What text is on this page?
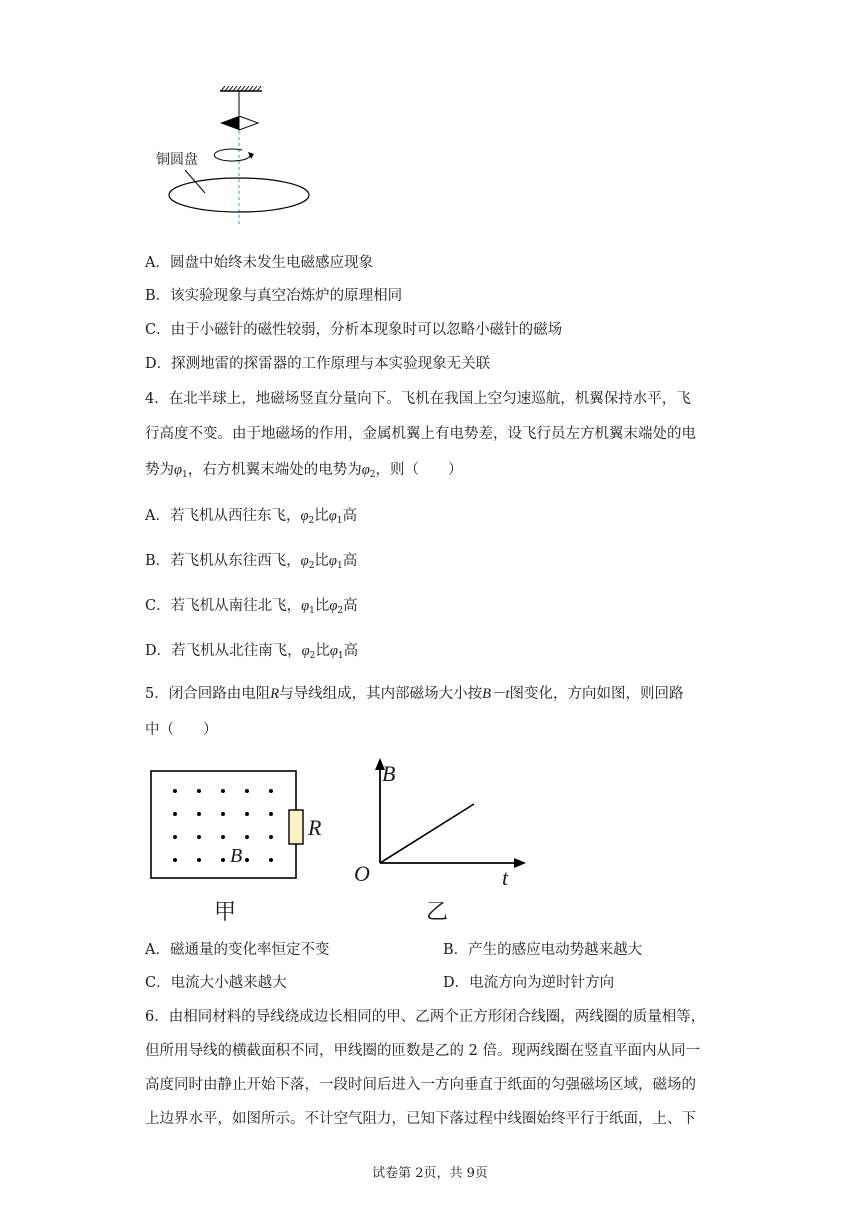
铜圆盘
A．圆盘中始终未发生电磁感应现象
B．该实验现象与真空冶炼炉的原理相同
C．由于小磁针的磁性较弱，分析本现象时可以忽略小磁针的磁场
D．探测地雷的探雷器的工作原理与本实验现象无关联
4．在北半球上，地磁场竖直分量向下。飞机在我国上空匀速巡航，机翼保持水平，飞
行高度不变。由于地磁场的作用，金属机翼上有电势差，设飞行员左方机翼末端处的电
势为$\varphi_1$，右方机翼末端处的电势为$\varphi_2$，则（　　）
A．若飞机从西往东飞，$\varphi_2$比$\varphi_1$高
B．若飞机从东往西飞，$\varphi_2$比$\varphi_1$高
C．若飞机从南往北飞，$\varphi_1$比$\varphi_2$高
D．若飞机从北往南飞，$\varphi_2$比$\varphi_1$高
5．闭合回路由电阻R与导线组成，其内部磁场大小按B－t图变化，方向如图，则回路
中（　　）
R
B
甲
B
O	t
乙
A．磁通量的变化率恒定不变	B．产生的感应电动势越来越大
C．电流大小越来越大	D．电流方向为逆时针方向
6．由相同材料的导线绕成边长相同的甲、乙两个正方形闭合线圈，两线圈的质量相等，
但所用导线的横截面积不同，甲线圈的匝数是乙的 2 倍。现两线圈在竖直平面内从同一
高度同时由静止开始下落，一段时间后进入一方向垂直于纸面的匀强磁场区域，磁场的
上边界水平，如图所示。不计空气阻力，已知下落过程中线圈始终平行于纸面，上、下
试卷第 2页，共 9页
